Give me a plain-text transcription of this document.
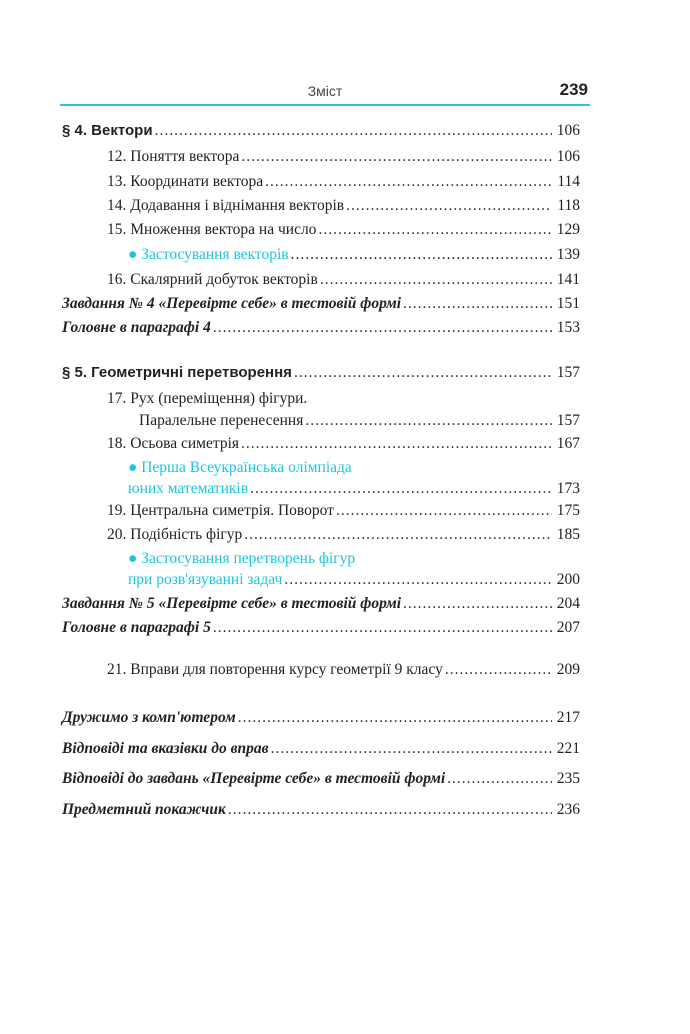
Зміст	239
§ 4. Вектори .....	106
12. Поняття вектора .....	106
13. Координати вектора .....	114
14. Додавання і віднімання векторів .....	118
15. Множення вектора на число .....	129
● Застосування векторів .....	139
16. Скалярний добуток векторів .....	141
Завдання № 4 «Перевірте себе» в тестовій формі .....	151
Головне в параграфі 4 .....	153
§ 5. Геометричні перетворення .....	157
17. Рух (переміщення) фігури.
Паралельне перенесення .....	157
18. Осьова симетрія .....	167
● Перша Всеукраїнська олімпіада
юних математиків .....	173
19. Центральна симетрія. Поворот .....	175
20. Подібність фігур .....	185
● Застосування перетворень фігур
при розв'язуванні задач .....	200
Завдання № 5 «Перевірте себе» в тестовій формі .....	204
Головне в параграфі 5 .....	207
21. Вправи для повторення курсу геометрії 9 класу .....	209
Дружимо з комп'ютером .....	217
Відповіді та вказівки до вправ .....	221
Відповіді до завдань «Перевірте себе» в тестовій формі .....	235
Предметний покажчик .....	236
